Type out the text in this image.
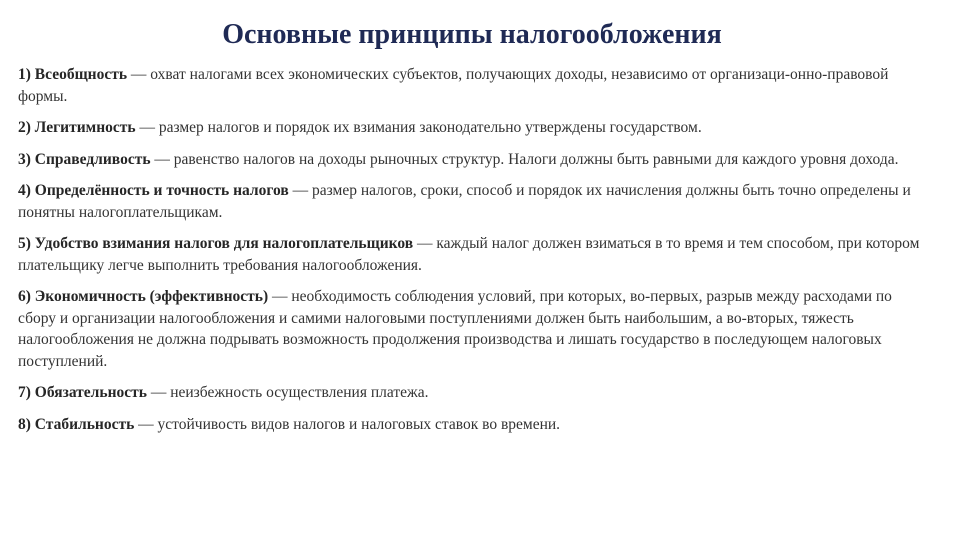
Основные принципы налогообложения
1) Всеобщность — охват налогами всех экономических субъектов, получающих доходы, независимо от организаци-онно-правовой формы.
2) Легитимность — размер налогов и порядок их взимания законодательно утверждены государством.
3) Справедливость — равенство налогов на доходы рыночных структур. Налоги должны быть равными для каждого уровня дохода.
4) Определённость и точность налогов — размер налогов, сроки, способ и порядок их начисления должны быть точно определены и понятны налогоплательщикам.
5) Удобство взимания налогов для налогоплательщиков — каждый налог должен взиматься в то время и тем способом, при котором плательщику легче выполнить требования налогообложения.
6) Экономичность (эффективность) — необходимость соблюдения условий, при которых, во-первых, разрыв между расходами по сбору и организации налогообложения и самими налоговыми поступлениями должен быть наибольшим, а во-вторых, тяжесть налогообложения не должна подрывать возможность продолжения производства и лишать государство в последующем налоговых поступлений.
7) Обязательность — неизбежность осуществления платежа.
8) Стабильность — устойчивость видов налогов и налоговых ставок во времени.
